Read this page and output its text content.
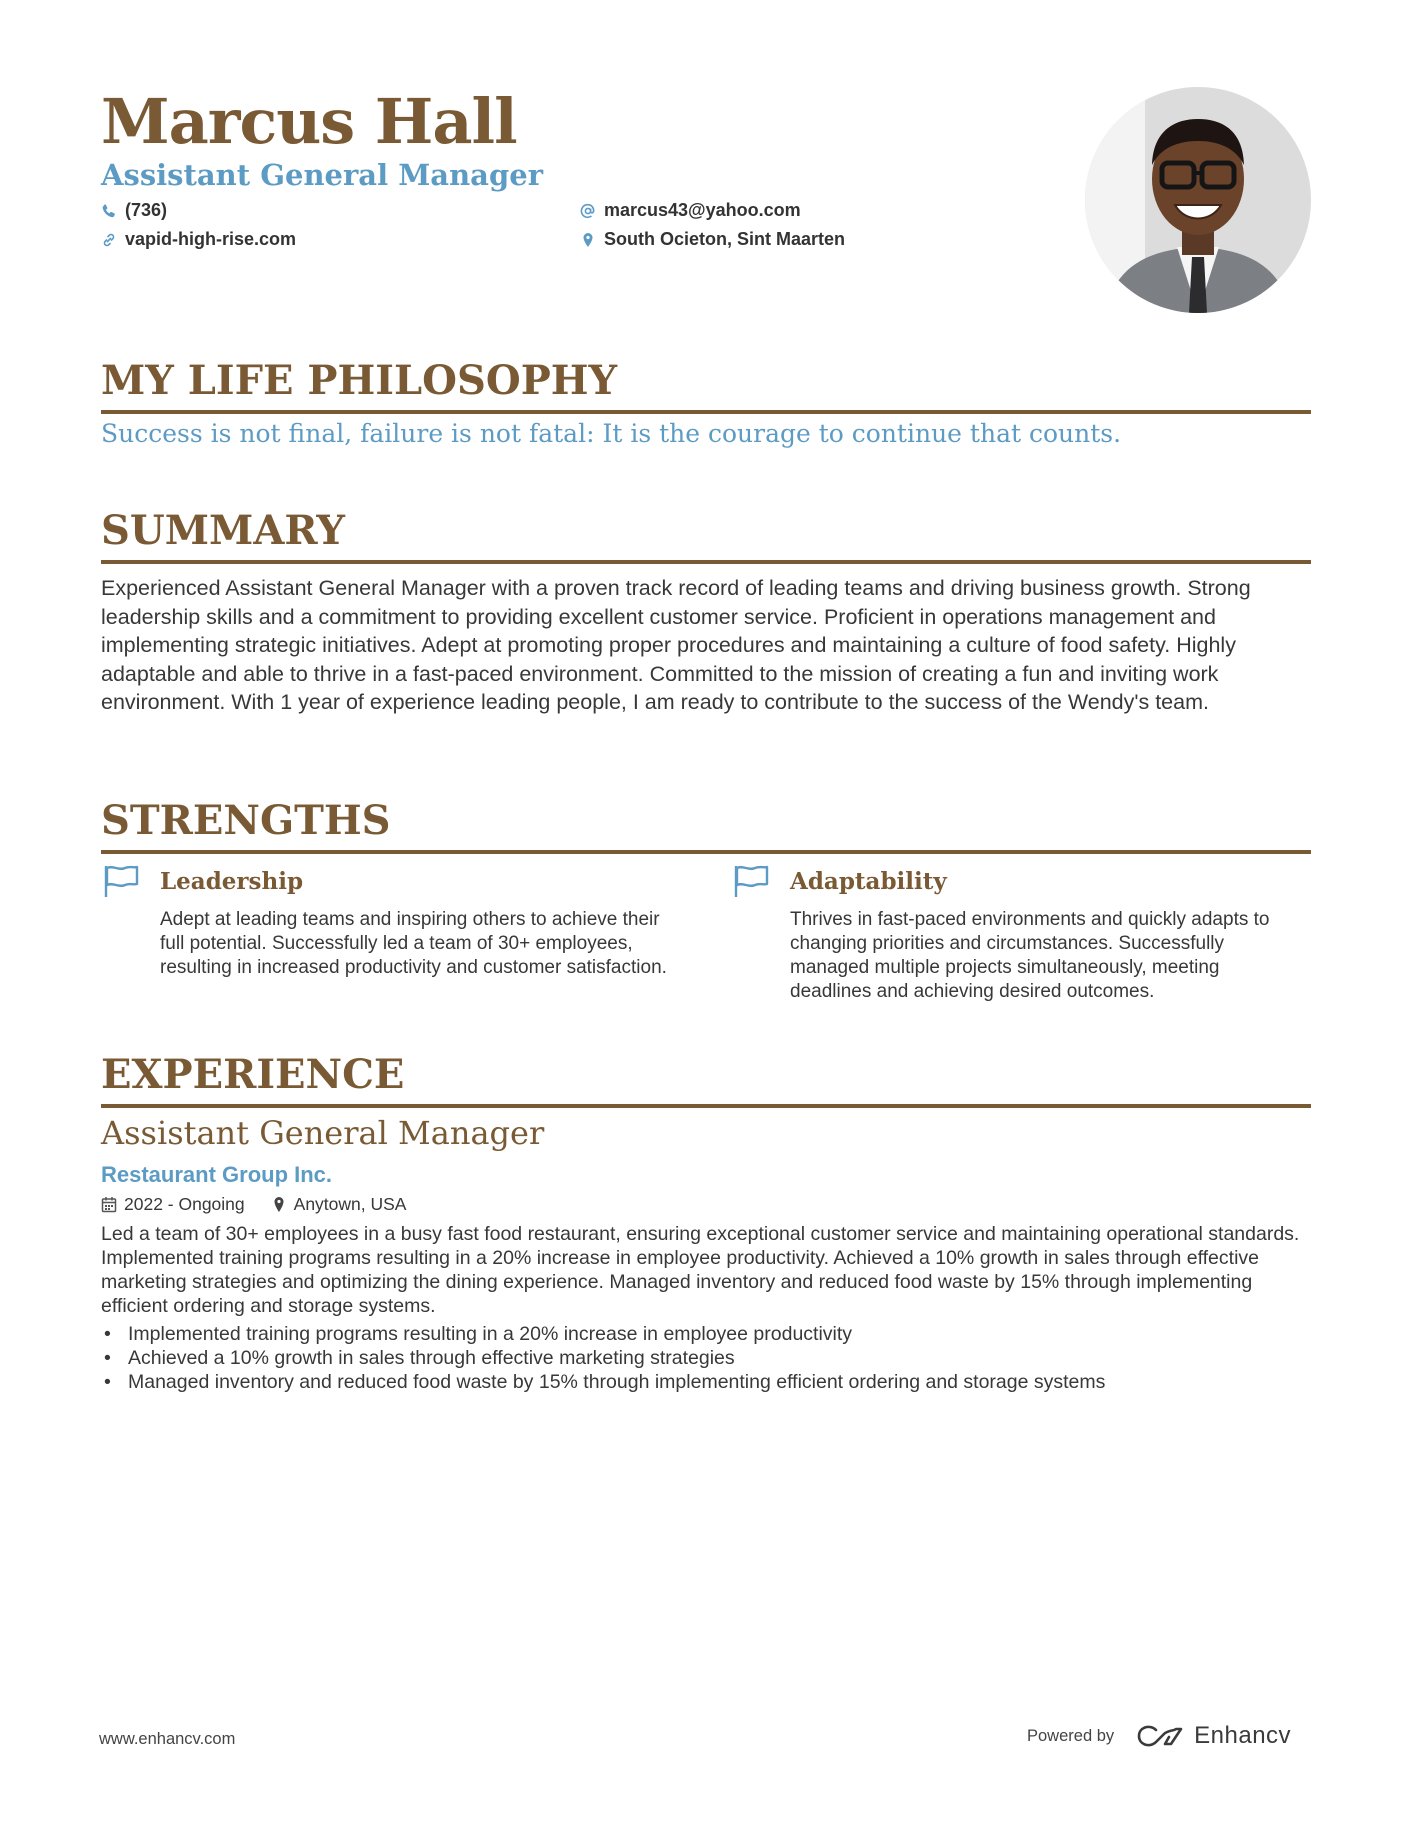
Marcus Hall
Assistant General Manager
(736)	marcus43@yahoo.com
vapid-high-rise.com	South Ocieton, Sint Maarten
MY LIFE PHILOSOPHY
Success is not final, failure is not fatal: It is the courage to continue that counts.
SUMMARY

Experienced Assistant General Manager with a proven track record of leading teams and driving business growth. Strong leadership skills and a commitment to providing excellent customer service. Proficient in operations management and implementing strategic initiatives. Adept at promoting proper procedures and maintaining a culture of food safety. Highly adaptable and able to thrive in a fast-paced environment. Committed to the mission of creating a fun and inviting work environment. With 1 year of experience leading people, I am ready to contribute to the success of the Wendy's team.

STRENGTHS
Leadership

Adept at leading teams and inspiring others to achieve their full potential. Successfully led a team of 30+ employees, resulting in increased productivity and customer satisfaction.

Adaptability

Thrives in fast-paced environments and quickly adapts to changing priorities and circumstances. Successfully managed multiple projects simultaneously, meeting deadlines and achieving desired outcomes.

EXPERIENCE
Assistant General Manager
Restaurant Group Inc.
2022 - Ongoing	Anytown, USA

Led a team of 30+ employees in a busy fast food restaurant, ensuring exceptional customer service and maintaining operational standards. Implemented training programs resulting in a 20% increase in employee productivity. Achieved a 10% growth in sales through effective marketing strategies and optimizing the dining experience. Managed inventory and reduced food waste by 15% through implementing efficient ordering and storage systems.

• Implemented training programs resulting in a 20% increase in employee productivity
• Achieved a 10% growth in sales through effective marketing strategies
• Managed inventory and reduced food waste by 15% through implementing efficient ordering and storage systems
www.enhancv.com	Powered by	Enhancv
